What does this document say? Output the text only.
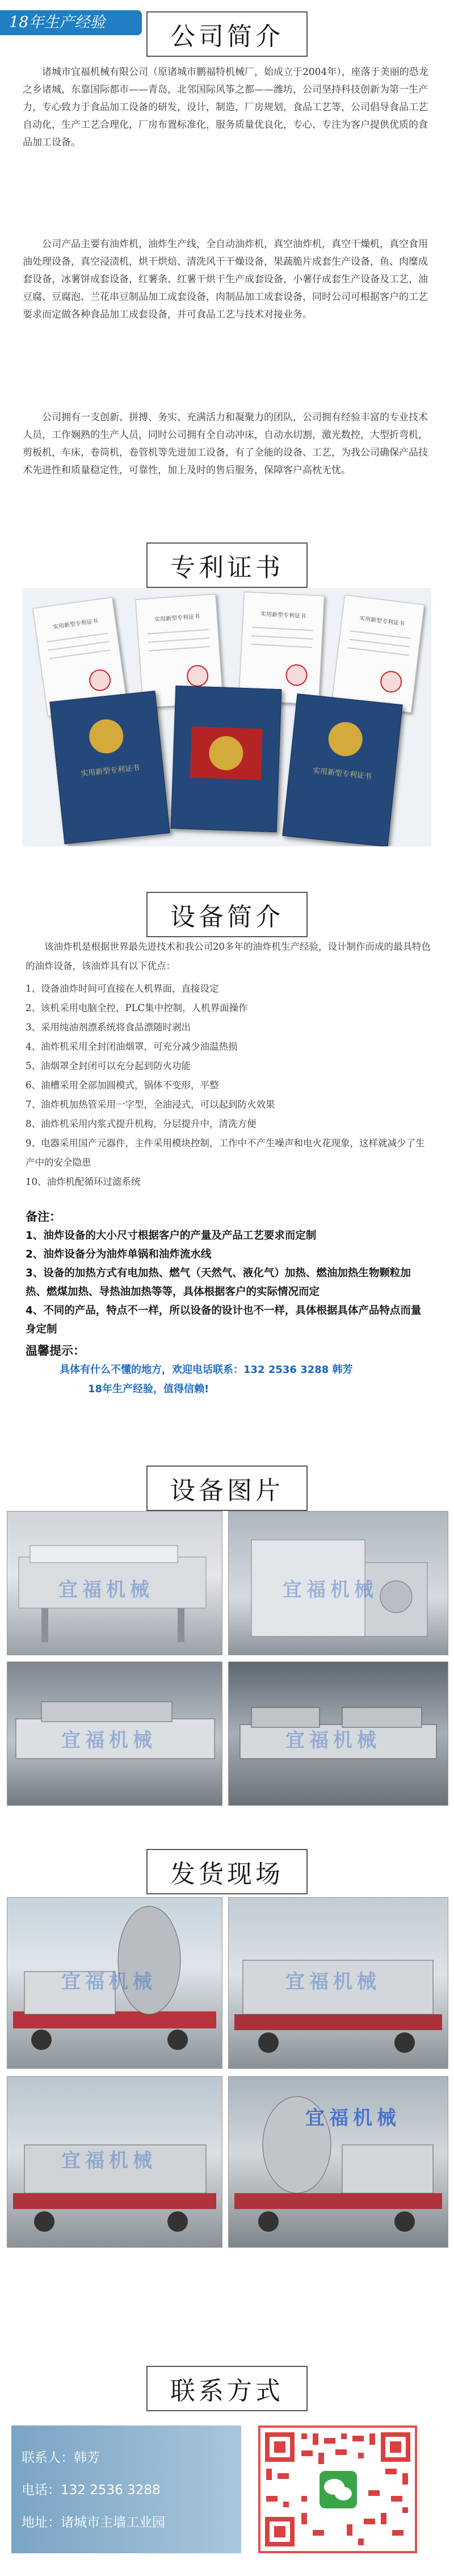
18年生产经验	公司简介
诸城市宜福机械有限公司（原诸城市鹏福特机械厂，始成立于2004年），座落于美丽的恐龙之乡诸城，东靠国际都市——青岛，北邻国际风筝之都——潍坊，公司坚持科技创新为第一生产力，专心致力于食品加工设备的研发，设计，制造，厂房规划，食品工艺等，公司倡导食品工艺自动化，生产工艺合理化，厂房布置标准化，服务质量优良化，专心、专注为客户提供优质的食品加工设备。
公司产品主要有油炸机，油炸生产线，全自动油炸机，真空油炸机，真空干燥机，真空食用油处理设备，真空浸渍机，烘干烘焙、清洗风干干燥设备，果蔬脆片成套生产设备，鱼、肉糜成套设备，冰薯饼成套设备，红薯条、红薯干烘干生产成套设备，小薯仔成套生产设备及工艺，油豆腐、豆腐泡、兰花串豆制品加工成套设备，肉制品加工成套设备，同时公司可根据客户的工艺要求而定做各种食品加工成套设备，并可食品工艺与技术对接业务。
公司拥有一支创新、拼搏、务实、充满活力和凝聚力的团队，公司拥有经验丰富的专业技术人员，工作娴熟的生产人员，同时公司拥有全自动冲床，自动水切割，激光数控，大型折弯机，剪板机，车床，卷筒机，卷管机等先进加工设备，有了全能的设备、工艺，为我公司确保产品技术先进性和质量稳定性，可靠性，加上及时的售后服务，保障客户高枕无忧。
专利证书
实用新型专利证书	实用新型专利证书	实用新型专利证书
实用新型专利证书
实用新型专利证书	实用新型专利证书
设备简介
该油炸机是根据世界最先进技术和我公司20多年的油炸机生产经验，设计制作而成的最具特色的油炸设备，该油炸具有以下优点：
1、设备油炸时间可直接在人机界面，直接设定
2、该机采用电脑全控，PLC集中控制，人机界面操作
3、采用纯油剂漂系统将食品漂随时剥出
4、油炸机采用全封闭油烟罩，可充分减少油温热损
5、油烟罩全封闭可以充分起到防火功能
6、油槽采用全部加圆模式，锅体不变形，平整
7、油炸机加热管采用一字型，全油浸式，可以起到防火效果
8、油炸机采用内浆式提升机构，分层提升中，清洗方便
9、电器采用国产元器件，主件采用模块控制，工作中不产生噪声和电火花现象，这样就减少了生产中的安全隐患
10、油炸机配循环过滤系统
备注：
1、油炸设备的大小尺寸根据客户的产量及产品工艺要求而定制
2、油炸设备分为油炸单锅和油炸流水线
3、设备的加热方式有电加热、燃气（天然气、液化气）加热、燃油加热生物颗粒加热、燃煤加热、导热油加热等等，具体根据客户的实际情况而定
4、不同的产品，特点不一样，所以设备的设计也不一样，具体根据具体产品特点而量身定制
温馨提示：
具体有什么不懂的地方，欢迎电话联系：132 2536 3288 韩芳
18年生产经验，值得信赖!
设备图片
宜福机械	宜福机械
宜福机械	宜福机械
发货现场
宜福机械	宜福机械
宜福机械
宜福机械
联系方式
联系人：韩芳
电话：132 2536 3288
地址：诸城市主墙工业园
